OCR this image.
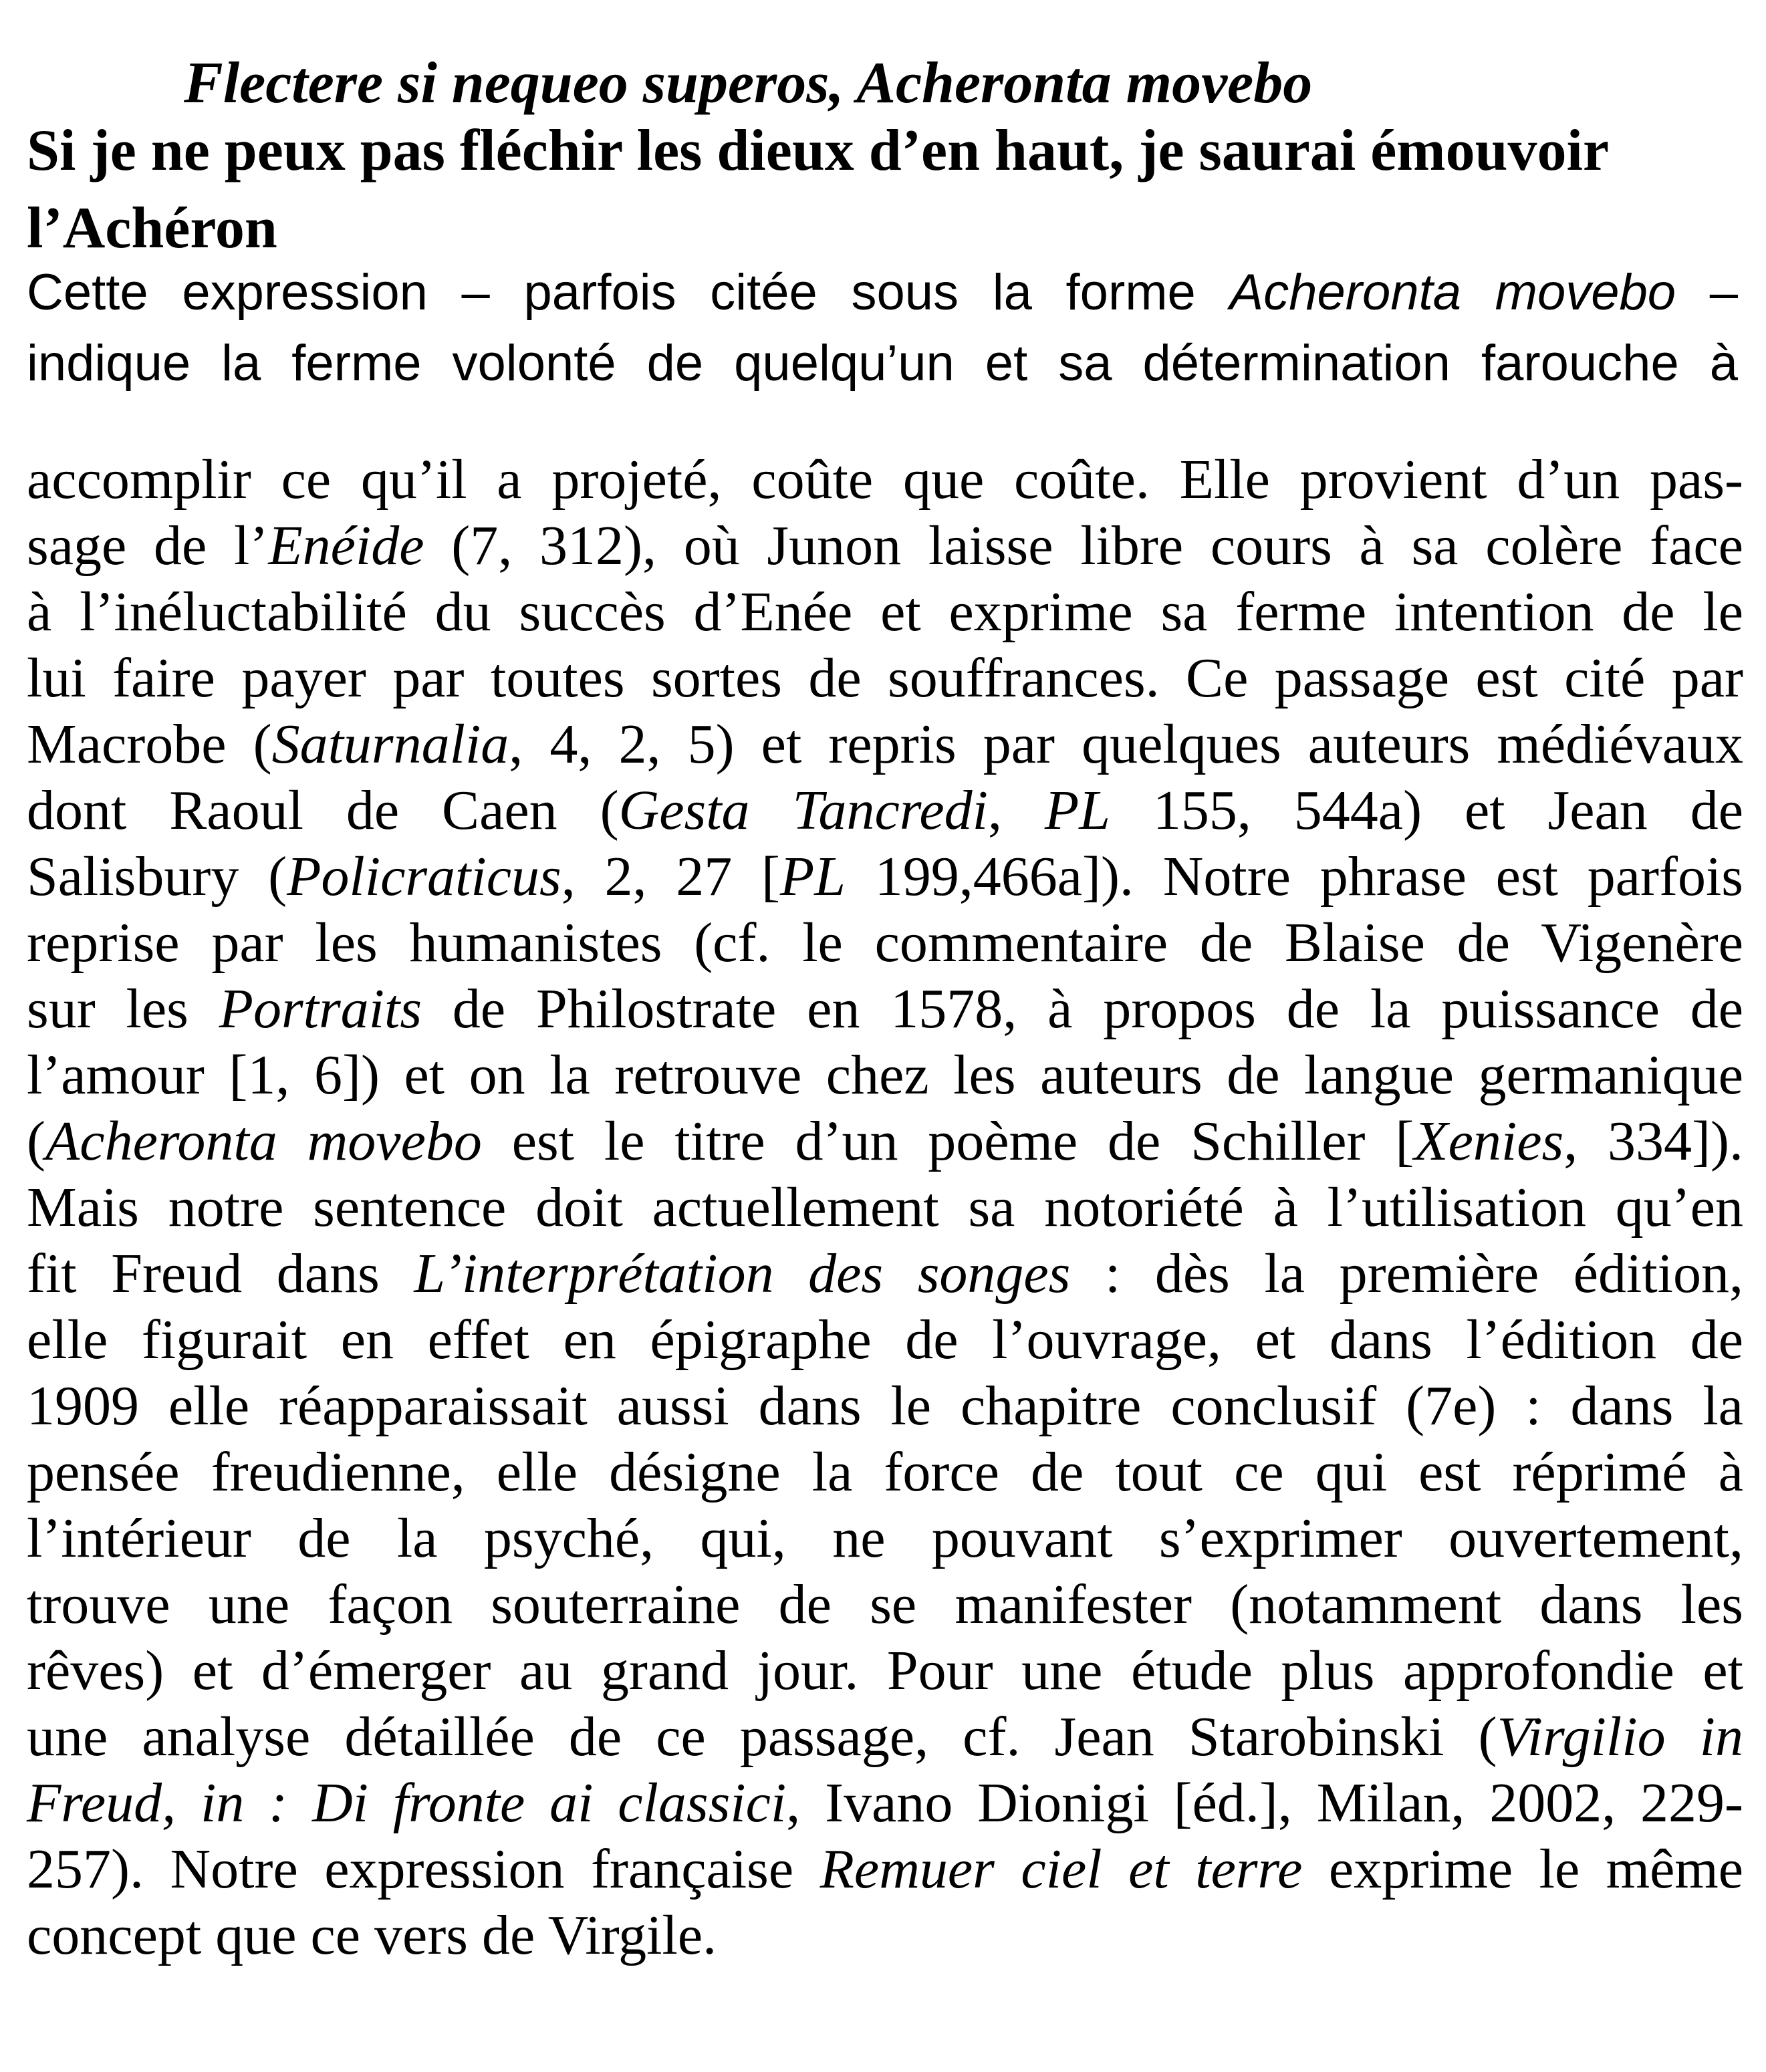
Flectere si nequeo superos, Acheronta movebo
Si je ne peux pas fléchir les dieux d’en haut, je saurai émouvoir
l’Achéron
Cette expression – parfois citée sous la forme Acheronta movebo –
indique la ferme volonté de quelqu’un et sa détermination farouche à
accomplir ce qu’il a projeté, coûte que coûte. Elle provient d’un pas-
sage de l’Enéide (7, 312), où Junon laisse libre cours à sa colère face
à l’inéluctabilité du succès d’Enée et exprime sa ferme intention de le
lui faire payer par toutes sortes de souffrances. Ce passage est cité par
Macrobe (Saturnalia, 4, 2, 5) et repris par quelques auteurs médiévaux
dont Raoul de Caen (Gesta Tancredi, PL 155, 544a) et Jean de
Salisbury (Policraticus, 2, 27 [PL 199,466a]). Notre phrase est parfois
reprise par les humanistes (cf. le commentaire de Blaise de Vigenère
sur les Portraits de Philostrate en 1578, à propos de la puissance de
l’amour [1, 6]) et on la retrouve chez les auteurs de langue germanique
(Acheronta movebo est le titre d’un poème de Schiller [Xenies, 334]).
Mais notre sentence doit actuellement sa notoriété à l’utilisation qu’en
fit Freud dans L’interprétation des songes : dès la première édition,
elle figurait en effet en épigraphe de l’ouvrage, et dans l’édition de
1909 elle réapparaissait aussi dans le chapitre conclusif (7e) : dans la
pensée freudienne, elle désigne la force de tout ce qui est réprimé à
l’intérieur de la psyché, qui, ne pouvant s’exprimer ouvertement,
trouve une façon souterraine de se manifester (notamment dans les
rêves) et d’émerger au grand jour. Pour une étude plus approfondie et
une analyse détaillée de ce passage, cf. Jean Starobinski (Virgilio in
Freud, in : Di fronte ai classici, Ivano Dionigi [éd.], Milan, 2002, 229-
257). Notre expression française Remuer ciel et terre exprime le même
concept que ce vers de Virgile.
